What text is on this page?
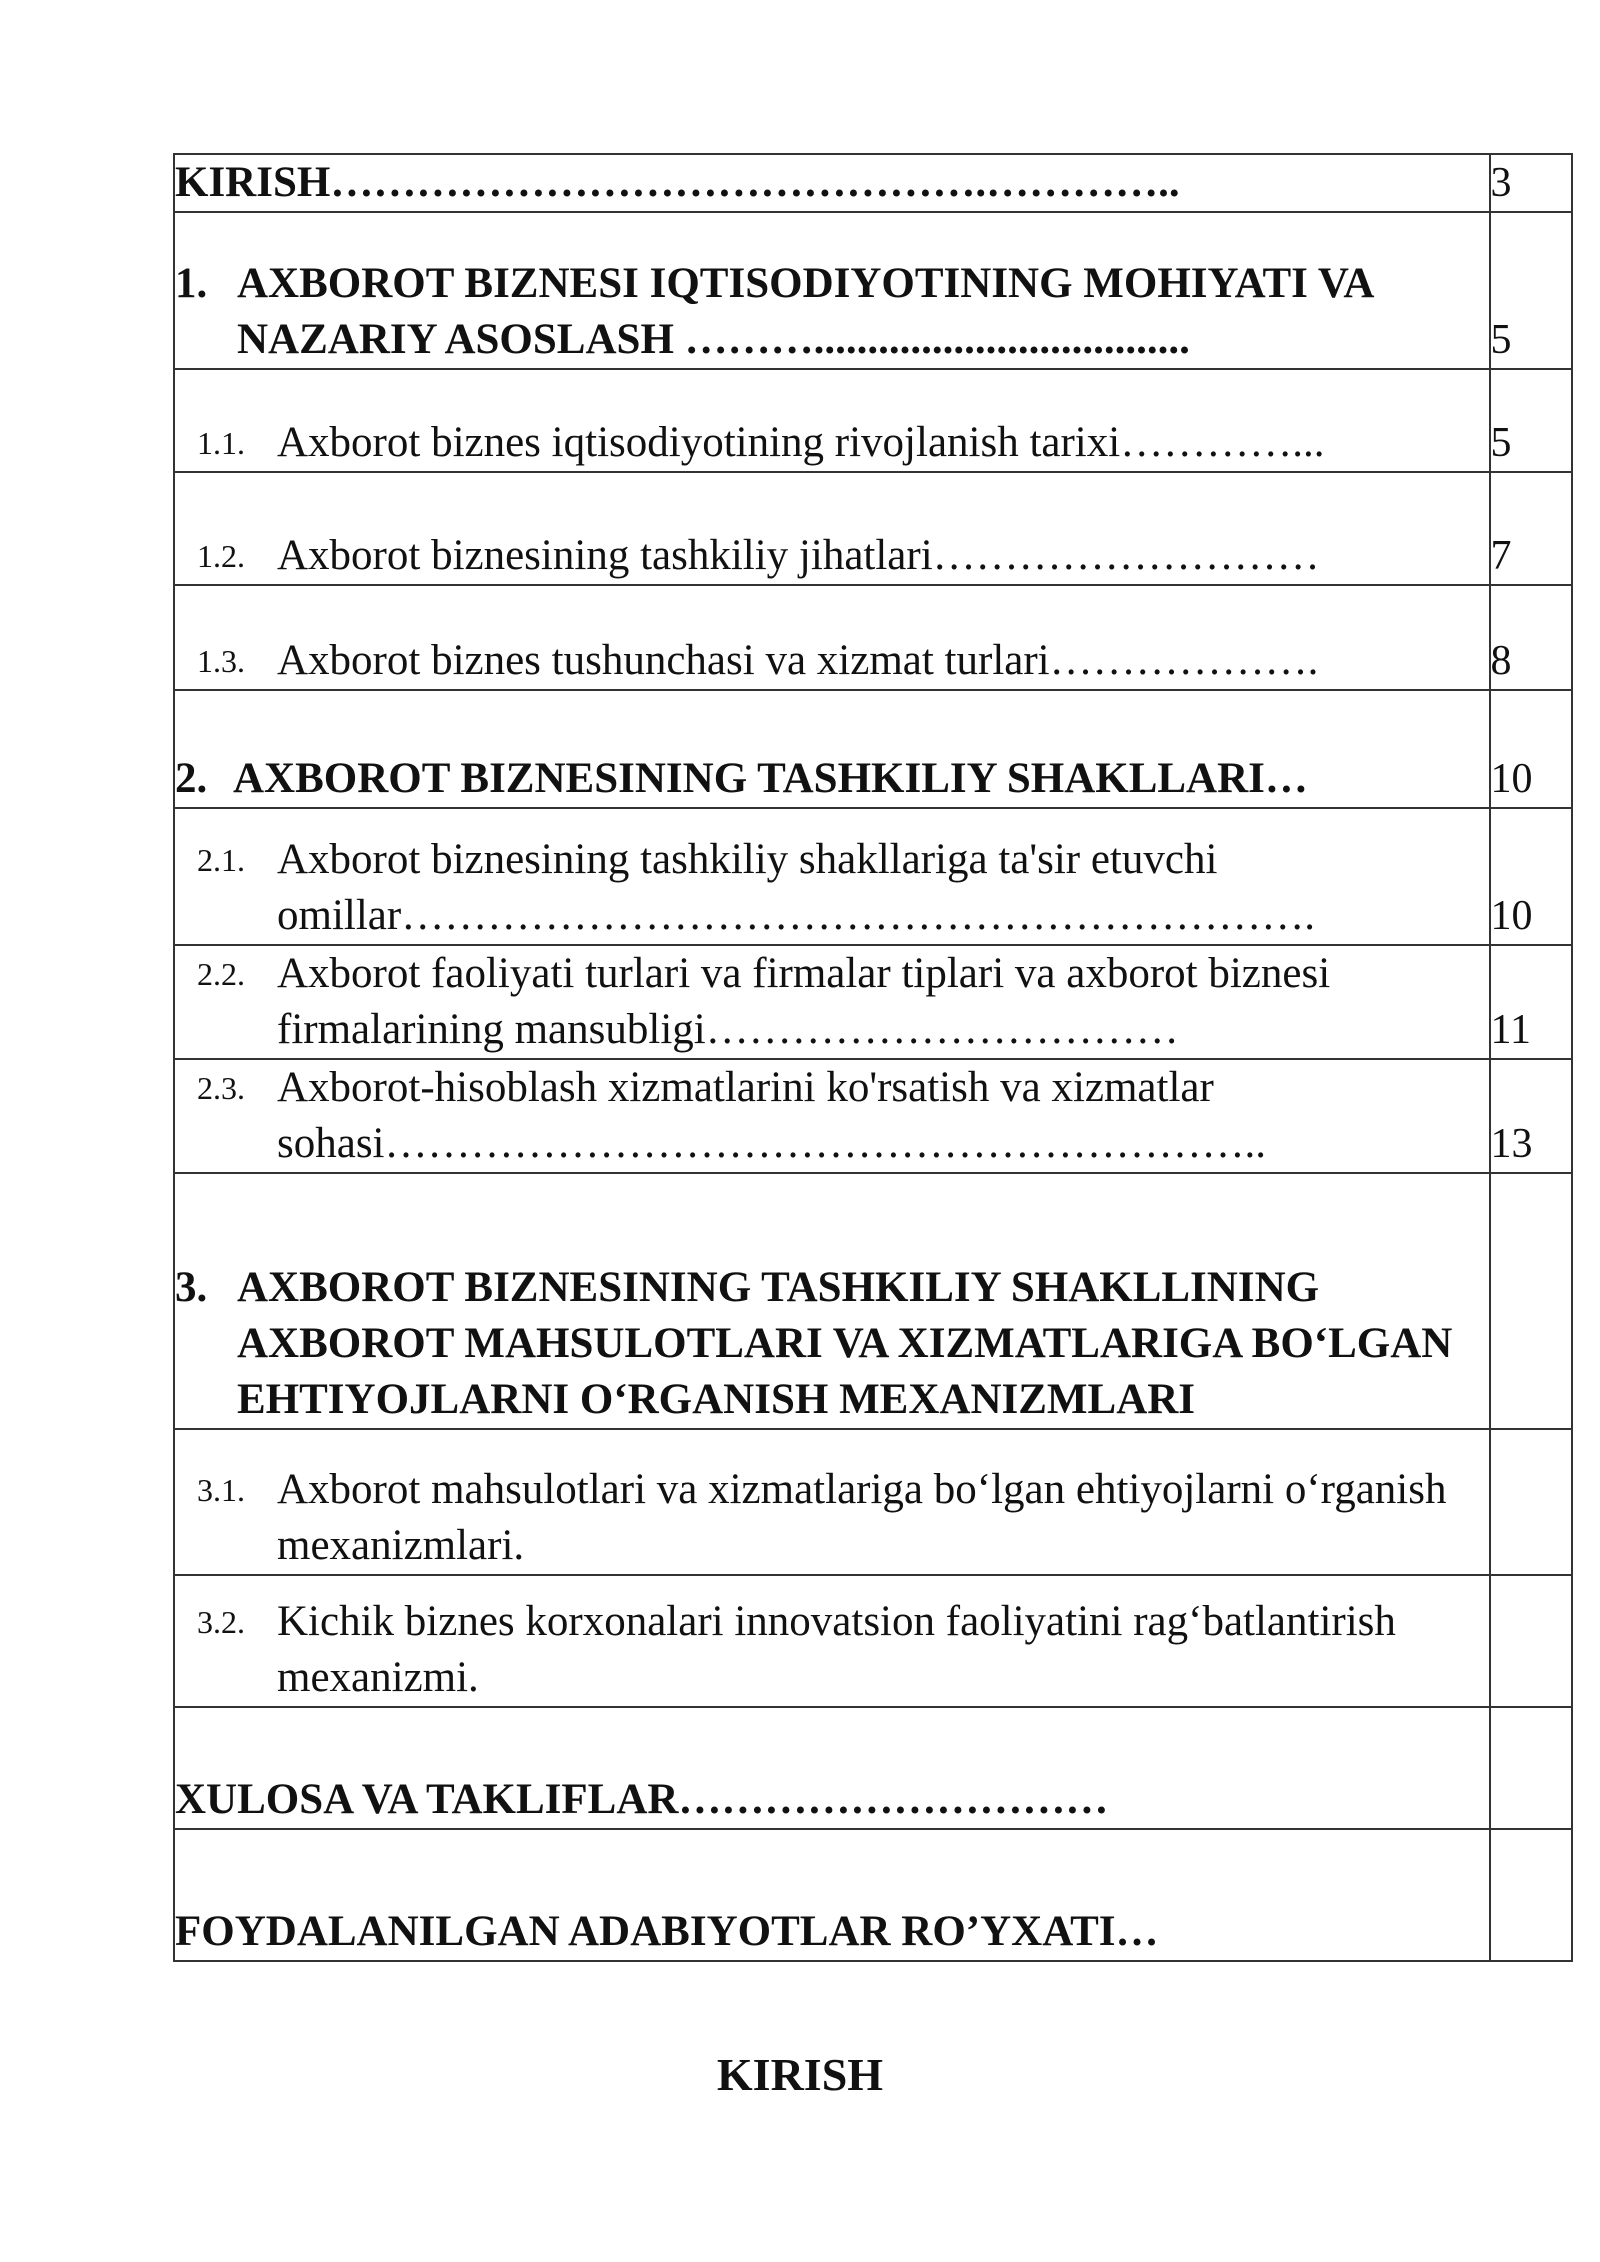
KIRISH……………………………………….…………..	3

1. AXBOROT BIZNESI IQTISODIYOTINING MOHIYATI VA NAZARIY ASOSLASH ………...................................	5

1.1. Axborot biznes iqtisodiyotining rivojlanish tarixi…………...	5

1.2. Axborot biznesining tashkiliy jihatlari………………………	7

1.3. Axborot biznes tushunchasi va xizmat turlari……………….	8

2. AXBOROT BIZNESINING TASHKILIY SHAKLLARI…	10

2.1. Axborot biznesining tashkiliy shakllariga ta'sir etuvchi omillar……………………………………………………….	10

2.2. Axborot faoliyati turlari va firmalar tiplari va axborot biznesi firmalarining mansubligi……………………………	11

2.3. Axborot-hisoblash xizmatlarini ko'rsatish va xizmatlar sohasi……………………………………………………..	13

3. AXBOROT BIZNESINING TASHKILIY SHAKLLINING AXBOROT MAHSULOTLARI VA XIZMATLARIGA BO‘LGAN EHTIYOJLARNI O‘RGANISH MEXANIZMLARI	

3.1. Axborot mahsulotlari va xizmatlariga bo‘lgan ehtiyojlarni o‘rganish mexanizmlari.	

3.2. Kichik biznes korxonalari innovatsion faoliyatini rag‘batlantirish mexanizmi.	

XULOSA VA TAKLIFLAR…………………………	

FOYDALANILGAN ADABIYOTLAR RO’YXATI…	

KIRISH
